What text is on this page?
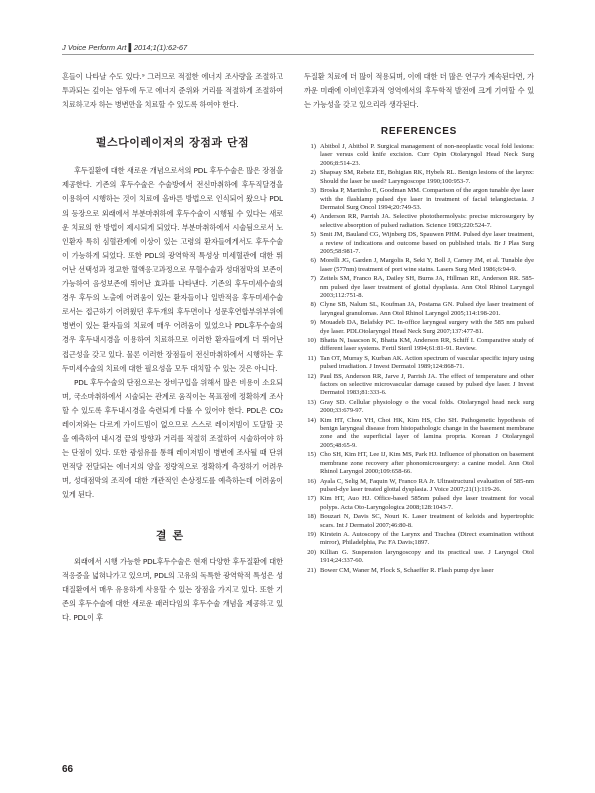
J Voice Perform Art ▌2014;1(1):62-67

흔들이 나타날 수도 있다.⁹ 그러므로 적절한 에너지 조사량을 조절하고 투과되는 깊이는 염두에 두고 에너지 준위와 거리를 적절하게 조절하여 치료하고자 하는 병변만을 치료할 수 있도록 하여야 한다.

펄스다이레이저의 장점과 단점

후두질환에 대한 새로운 개념으로서의 PDL 후두수술은 많은 장점을 제공한다. 기존의 후두수술은 수술방에서 전신마취하에 후두직달경을 이용하여 시행하는 것이 치료에 올바른 방법으로 인식되어 왔으나 PDL의 등장으로 외래에서 부분마취하에 후두수술이 시행될 수 있다는 새로운 치료의 한 방법이 제시되게 되었다. 부분마취하에서 시술됨으로서 노인환자 특히 심혈관계에 이상이 있는 고령의 환자들에게서도 후두수술이 가능하게 되었다. 또한 PDL의 광역학적 특성상 미세혈관에 대한 뛰어난 선택성과 정교한 혈액응고과정으로 무혈수술과 성대점막의 보존이 가능하여 음성보존에 뛰어난 효과를 나타낸다. 기존의 후두미세수술의 경우 후두의 노출에 어려움이 있는 환자들이나 일반적음 후두미세수술로서는 접근하기 어려웠던 후두개의 후두면이나 성문후연합부위부위에 병변이 있는 환자들의 치료에 매우 어려움이 있었으나 PDL후두수술의 경우 후두내시경을 이용하여 치료하므로 이러한 환자들에게 더 뛰어난 접근성을 갖고 있다. 물론 이러한 장점들이 전신마취하에서 시행하는 후두미세수술의 치료에 대한 필요성을 모두 대치할 수 있는 것은 아니다.

PDL 후두수술의 단점으로는 장비구입을 위해서 많은 비용이 소요되며, 국소마취하에서 시술되는 관계로 움직이는 목표점에 정확하게 조사할 수 있도록 후두내시경을 숙련되게 다룰 수 있어야 한다. PDL은 CO₂레이저와는 다르게 가이드빔이 없으므로 스스로 레이저빔이 도달할 곳을 예측하여 내시경 끝의 방향과 거리를 적절히 조절하여 시술하여야 하는 단점이 있다. 또한 광섬유를 통해 레이저빔이 병변에 조사될 때 단위면적당 전달되는 에너지의 양을 정량적으로 정확하게 측정하기 어려우며, 성대점막의 조직에 대한 개관적인 손상정도를 예측하는데 어려움이 있게 된다.

결론

외래에서 시행 가능한 PDL후두수술은 현재 다양한 후두질환에 대한 적응증을 넓혀나가고 있으며, PDL의 고유의 독특한 광역학적 특성은 성대질환에서 매우 유용하게 사용할 수 있는 장점을 가지고 있다. 또한 기존의 후두수술에 대한 새로운 패러다임의 후두수술 개념을 제공하고 있다. PDL이 후

두질환 치료에 더 많이 적용되며, 이에 대한 더 많은 연구가 계속된다면, 가까운 미래에 이비인후과적 영역에서의 후두학적 발전에 크게 기여할 수 있는 가능성을 갖고 있으리라 생각된다.

REFERENCES
1) Abitbol J, Abitbol P. Surgical management of non-neoplastic vocal fold lesions: laser versus cold knife excision. Curr Opin Otolaryngol Head Neck Surg 2006;8:514-23.
2) Shapsay SM, Rebeiz EE, Bohigian RK, Hybels RL. Benign lesions of the larynx: Should the laser be used? Laryngoscope 1990;100:953-7.
3) Broska P, Martinho E, Goodman MM. Comparison of the argon tunable dye laser with the flashlamp pulsed dye laser in treatment of facial telangiectasia. J Dermatol Surg Oncol 1994;20:749-53.
4) Anderson RR, Parrish JA. Selective photothermolysis: precise microsurgery by selective absorption of pulsed radiation. Science 1983;220:524-7.
5) Smit JM, Bauland CG, Wijnberg DS, Spauwen PHM. Pulsed dye laser treatment, a review of indications and outcome based on published trials. Br J Plas Surg 2005;58:981-7.
6) Morelli JG, Garden J, Margolis R, Seki Y, Boll J, Carney JM, et al. Tunable dye laser (577nm) treatment of port wine stains. Lasers Surg Med 1986;6:94-9.
7) Zeitels SM, Franco RA, Dailey SH, Burns JA, Hillman RE, Anderson RR. 585-nm pulsed dye laser treatment of glottal dysplasia. Ann Otol Rhinol Laryngol 2003;112:751-8.
8) Clyne SB, Nalum SL, Koufman JA, Postama GN. Pulsed dye laser treatment of laryngeal granulomas. Ann Otol Rhinol Laryngol 2005;114:198-201.
9) Mouadeb DA, Belafsky PC. In-office laryngeal surgery with the 585 nm pulsed dye laser. PDLOtolaryngol Head Neck Surg 2007;137:477-81.
10) Bhatta N, Isaacson K, Bhatta KM, Anderson RR, Schiff I. Comparative study of different laser systems. Fertil Steril 1994;61:81-91. Review.
11) Tan OT, Murray S, Kurban AK. Action spectrum of vascular specific injury using pulsed irradiation. J Invest Dermatol 1989;124:868-71.
12) Paul BS, Anderson RR, Jarve J, Parrish JA. The effect of temperature and other factors on selective microvascular damage caused by pulsed dye laser. J Invest Dermatol 1983;81:333-6.
13) Gray SD. Cellular physiology o the vocal folds. Otolaryngol head neck surg 2000;33:679-97.
14) Kim HT, Chou YH, Choi HK, Kim HS, Cho SH. Pathogenetic hypothesis of benign laryngeal disease from histopathologic change in the basement membrane zone and the superficial layer of lamina propria. Korean J Otolaryngol 2005;48:65-9.
15) Cho SH, Kim HT, Lee IJ, Kim MS, Park HJ. Influence of phonation on basement membrane zone recovery after phonomicrosurgery: a canine model. Ann Otol Rhinol Laryngol 2000;109:658-66.
16) Ayala C, Selig M, Faquin W, Franco RA Jr. Ultrastructural evaluation of 585-nm pulsed-dye laser treated glottal dysplasia. J Voice 2007;21(1):119-26.
17) Kim HT, Auo HJ. Office-based 585nm pulsed dye laser treatment for vocal polyps. Acta Oto-Laryngologica 2008;128:1043-7.
18) Bouzari N, Davis SC, Nouri K. Laser treatment of keloids and hypertrophic scars. Int J Dermatol 2007;46:80-8.
19) Kirstein A. Autoscopy of the Larynx and Trachea (Direct examination without mirror), Philadelphia, Pa: FA Davis;1897.
20) Killian G. Suspension laryngoscopy and its practical use. J Laryngol Otol 1914;24:337-60.
21) Bower CM, Waner M, Flock S, Schaeffer R. Flash pump dye laser
66
